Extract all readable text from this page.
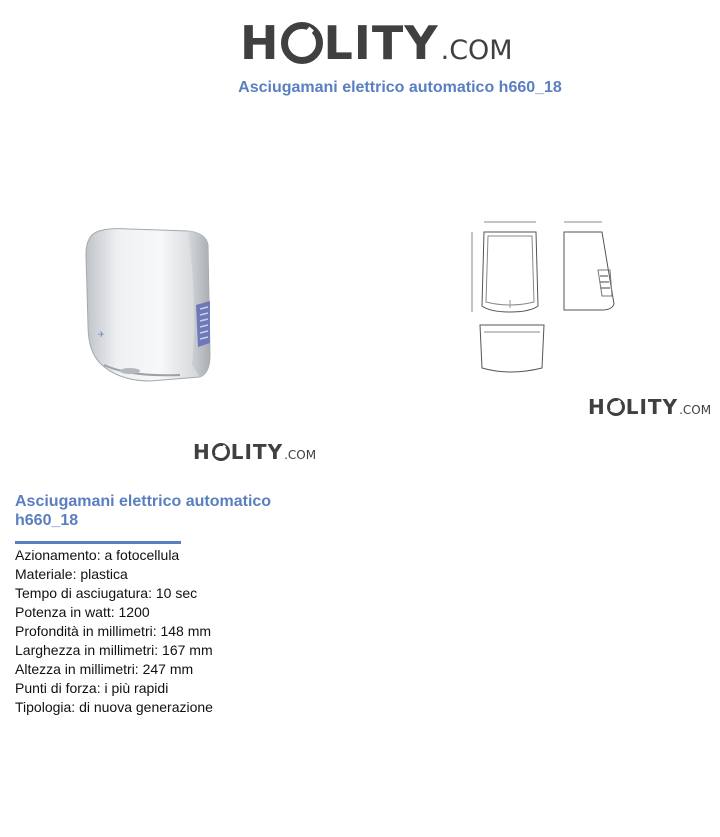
H LITY .COM
Asciugamani elettrico automatico h660_18
✈
H LITY .COM
H LITY .COM
Asciugamani elettrico automatico
h660_18
Azionamento: a fotocellula
Materiale: plastica
Tempo di asciugatura: 10 sec
Potenza in watt: 1200
Profondità in millimetri: 148 mm
Larghezza in millimetri: 167 mm
Altezza in millimetri: 247 mm
Punti di forza: i più rapidi
Tipologia: di nuova generazione
